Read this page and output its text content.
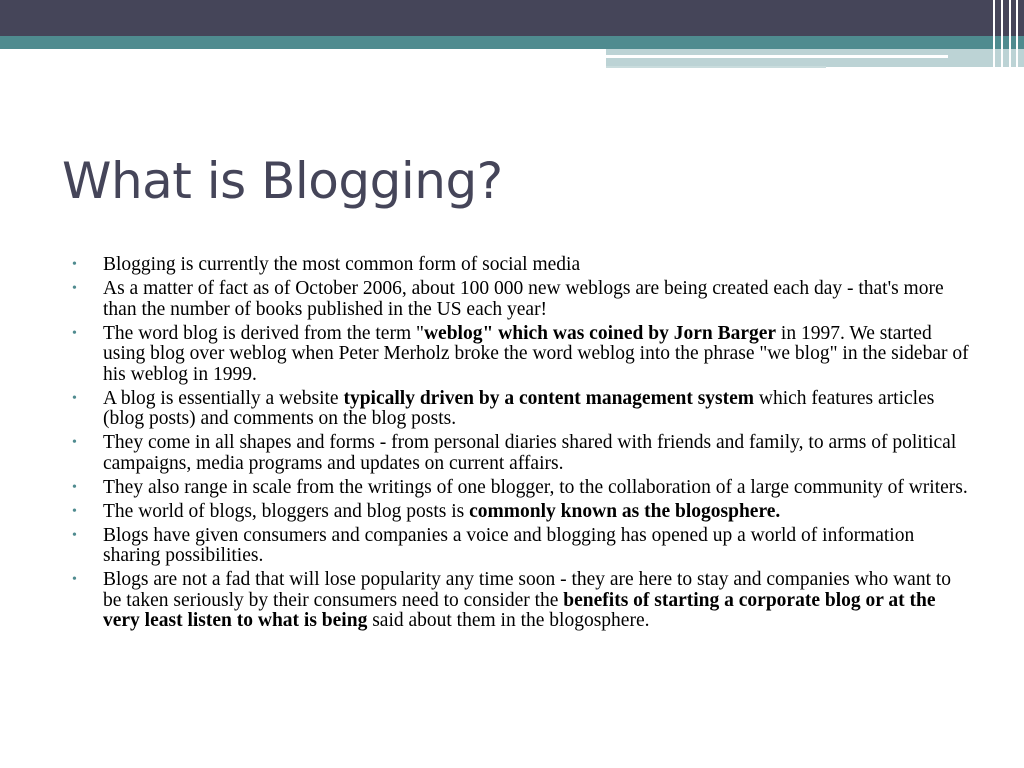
What is Blogging?
• Blogging is currently the most common form of social media
• As a matter of fact as of October 2006, about 100 000 new weblogs are being created each day - that's more than the number of books published in the US each year!
• The word blog is derived from the term "weblog" which was coined by Jorn Barger in 1997. We started using blog over weblog when Peter Merholz broke the word weblog into the phrase "we blog" in the sidebar of his weblog in 1999.
• A blog is essentially a website typically driven by a content management system which features articles (blog posts) and comments on the blog posts.
• They come in all shapes and forms - from personal diaries shared with friends and family, to arms of political campaigns, media programs and updates on current affairs.
• They also range in scale from the writings of one blogger, to the collaboration of a large community of writers.
• The world of blogs, bloggers and blog posts is commonly known as the blogosphere.
• Blogs have given consumers and companies a voice and blogging has opened up a world of information sharing possibilities.
• Blogs are not a fad that will lose popularity any time soon - they are here to stay and companies who want to be taken seriously by their consumers need to consider the benefits of starting a corporate blog or at the very least listen to what is being said about them in the blogosphere.
